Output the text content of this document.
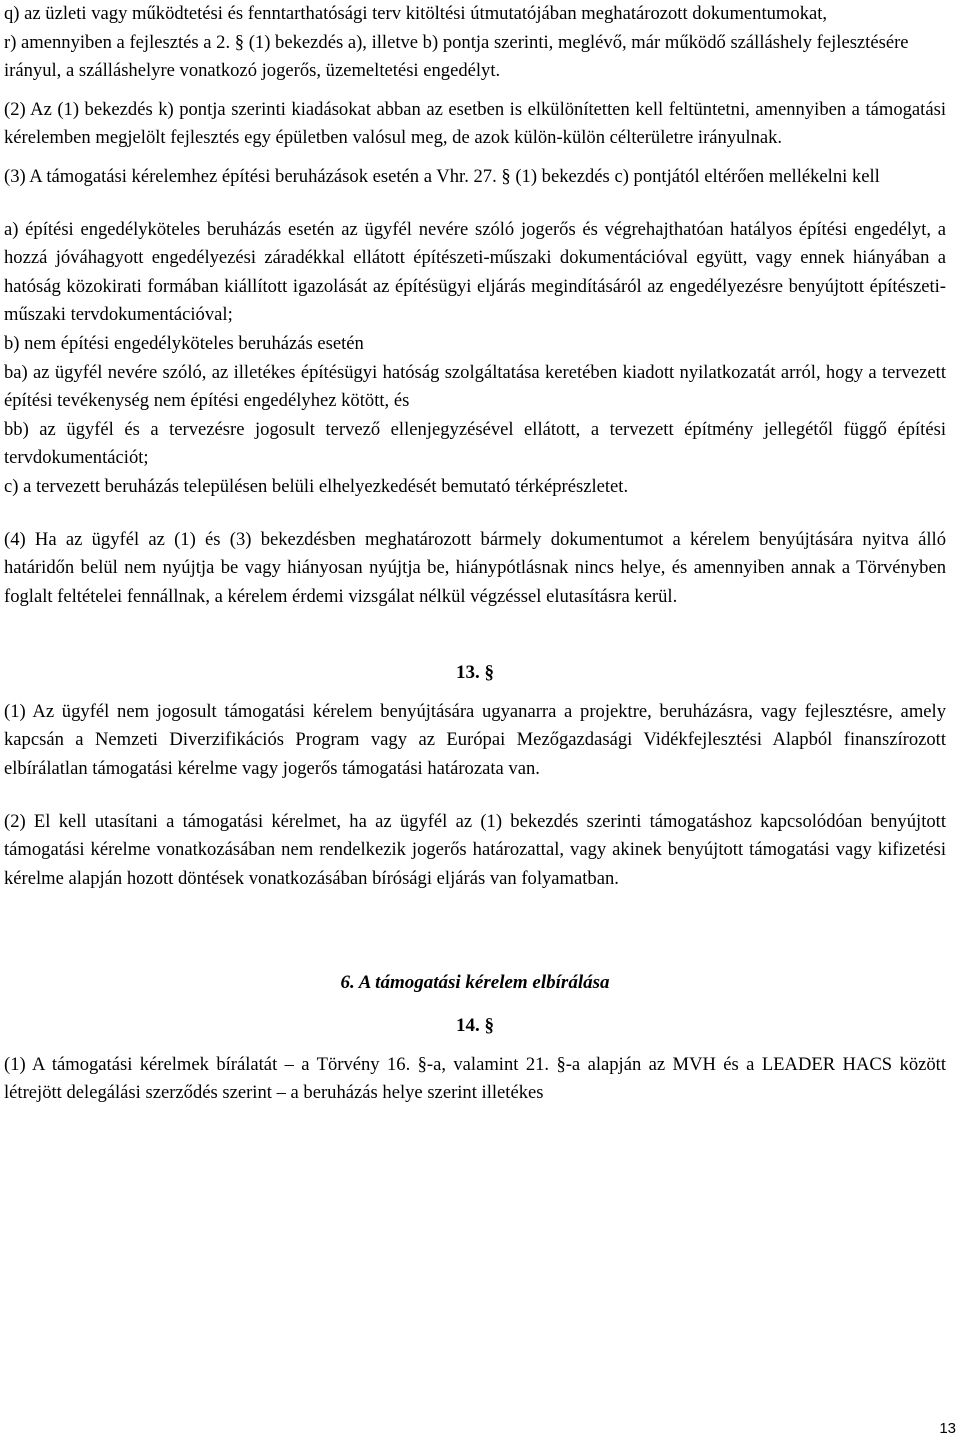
q) az üzleti vagy működtetési és fenntarthatósági terv kitöltési útmutatójában meghatározott dokumentumokat,

r) amennyiben a fejlesztés a 2. § (1) bekezdés a), illetve b) pontja szerinti, meglévő, már működő szálláshely fejlesztésére irányul, a szálláshelyre vonatkozó jogerős, üzemeltetési engedélyt.

(2) Az (1) bekezdés k) pontja szerinti kiadásokat abban az esetben is elkülönítetten kell feltüntetni, amennyiben a támogatási kérelemben megjelölt fejlesztés egy épületben valósul meg, de azok külön-külön célterületre irányulnak.

(3) A támogatási kérelemhez építési beruházások esetén a Vhr. 27. § (1) bekezdés c) pontjától eltérően mellékelni kell

a) építési engedélyköteles beruházás esetén az ügyfél nevére szóló jogerős és végrehajthatóan hatályos építési engedélyt, a hozzá jóváhagyott engedélyezési záradékkal ellátott építészeti-műszaki dokumentációval együtt, vagy ennek hiányában a hatóság közokirati formában kiállított igazolását az építésügyi eljárás megindításáról az engedélyezésre benyújtott építészeti-műszaki tervdokumentációval;

b) nem építési engedélyköteles beruházás esetén

ba) az ügyfél nevére szóló, az illetékes építésügyi hatóság szolgáltatása keretében kiadott nyilatkozatát arról, hogy a tervezett építési tevékenység nem építési engedélyhez kötött, és

bb) az ügyfél és a tervezésre jogosult tervező ellenjegyzésével ellátott, a tervezett építmény jellegétől függő építési tervdokumentációt;

c) a tervezett beruházás településen belüli elhelyezkedését bemutató térképrészletet.

(4) Ha az ügyfél az (1) és (3) bekezdésben meghatározott bármely dokumentumot a kérelem benyújtására nyitva álló határidőn belül nem nyújtja be vagy hiányosan nyújtja be, hiánypótlásnak nincs helye, és amennyiben annak a Törvényben foglalt feltételei fennállnak, a kérelem érdemi vizsgálat nélkül végzéssel elutasításra kerül.

13. §

(1) Az ügyfél nem jogosult támogatási kérelem benyújtására ugyanarra a projektre, beruházásra, vagy fejlesztésre, amely kapcsán a Nemzeti Diverzifikációs Program vagy az Európai Mezőgazdasági Vidékfejlesztési Alapból finanszírozott elbírálatlan támogatási kérelme vagy jogerős támogatási határozata van.

(2) El kell utasítani a támogatási kérelmet, ha az ügyfél az (1) bekezdés szerinti támogatáshoz kapcsolódóan benyújtott támogatási kérelme vonatkozásában nem rendelkezik jogerős határozattal, vagy akinek benyújtott támogatási vagy kifizetési kérelme alapján hozott döntések vonatkozásában bírósági eljárás van folyamatban.

6. A támogatási kérelem elbírálása

14. §

(1) A támogatási kérelmek bírálatát – a Törvény 16. §-a, valamint 21. §-a alapján az MVH és a LEADER HACS között létrejött delegálási szerződés szerint – a beruházás helye szerint illetékes

13
